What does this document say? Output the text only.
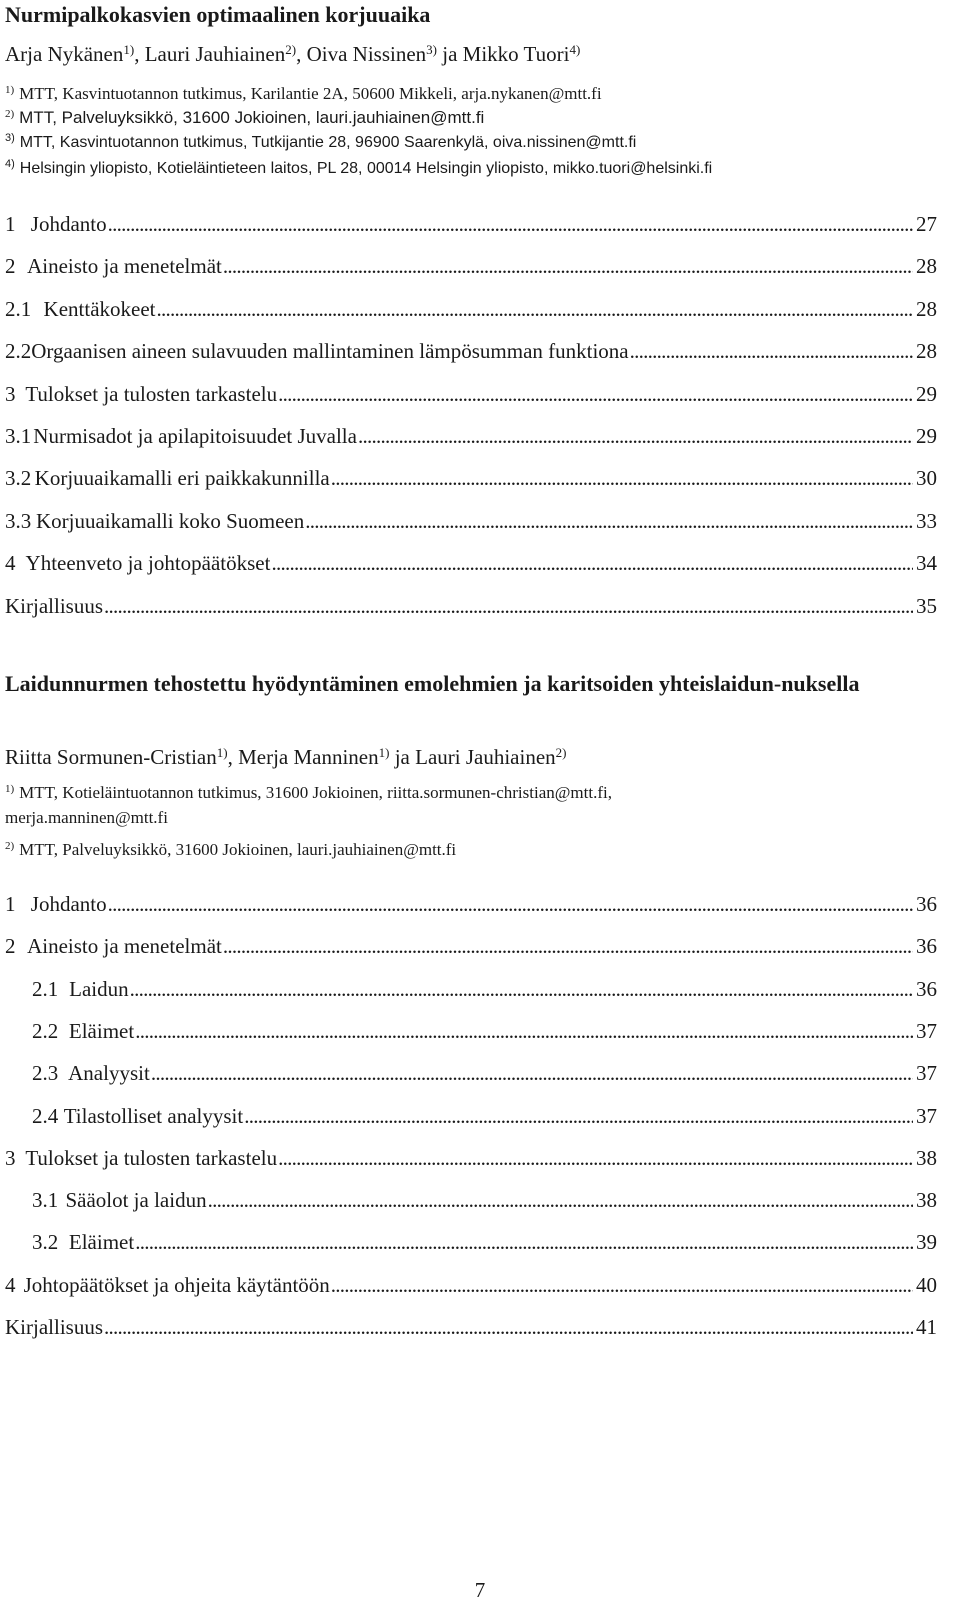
Nurmipalkokasvien optimaalinen korjuuaika
Arja Nykänen$^{1)}$, Lauri Jauhiainen$^{2)}$, Oiva Nissinen$^{3)}$ ja Mikko Tuori$^{4)}$
$^{1)}$ MTT, Kasvintuotannon tutkimus, Karilantie 2A, 50600 Mikkeli, arja.nykanen@mtt.fi
$^{2)}$ MTT, Palveluyksikkö, 31600 Jokioinen, lauri.jauhiainen@mtt.fi
$^{3)}$ MTT, Kasvintuotannon tutkimus, Tutkijantie 28, 96900 Saarenkylä, oiva.nissinen@mtt.fi
$^{4)}$ Helsingin yliopisto, Kotieläintieteen laitos, PL 28, 00014 Helsingin yliopisto, mikko.tuori@helsinki.fi
1 Johdanto . . .	27
2 Aineisto ja menetelmät . . .	28
2.1 Kenttäkokeet . . .	28
2.2 Orgaanisen aineen sulavuuden mallintaminen lämpösumman funktiona . . .	28
3 Tulokset ja tulosten tarkastelu . . .	29
3.1 Nurmisadot ja apilapitoisuudet Juvalla . . .	29
3.2 Korjuuaikamalli eri paikkakunnilla . . .	30
3.3 Korjuuaikamalli koko Suomeen . . .	33
4 Yhteenveto ja johtopäätökset . . .	34
Kirjallisuus . . .	35
Laidunnurmen tehostettu hyödyntäminen emolehmien ja karitsoiden yhteislaidun-nuksella
Riitta Sormunen-Cristian$^{1)}$, Merja Manninen$^{1)}$ ja Lauri Jauhiainen$^{2)}$
$^{1)}$ MTT, Kotieläintuotannon tutkimus, 31600 Jokioinen, riitta.sormunen-christian@mtt.fi,
merja.manninen@mtt.fi
$^{2)}$ MTT, Palveluyksikkö, 31600 Jokioinen, lauri.jauhiainen@mtt.fi
1 Johdanto . . .	36
2 Aineisto ja menetelmät . . .	36
2.1 Laidun . . .	36
2.2 Eläimet . . .	37
2.3 Analyysit . . .	37
2.4 Tilastolliset analyysit . . .	37
3 Tulokset ja tulosten tarkastelu . . .	38
3.1 Sääolot ja laidun . . .	38
3.2 Eläimet . . .	39
4 Johtopäätökset ja ohjeita käytäntöön . . .	40
Kirjallisuus . . .	41
7
